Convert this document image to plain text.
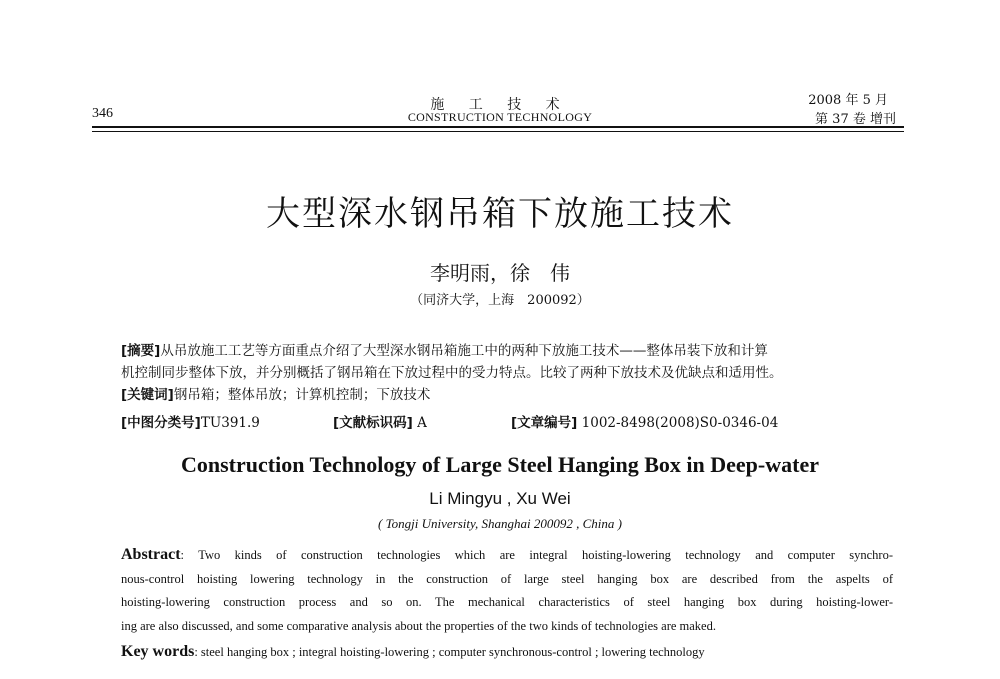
346
施 工 技 术
CONSTRUCTION TECHNOLOGY
2008 年 5 月
第 37 卷 增刊
大型深水钢吊箱下放施工技术
李明雨，徐　伟
（同济大学，上海　200092）
[摘要]从吊放施工工艺等方面重点介绍了大型深水钢吊箱施工中的两种下放施工技术——整体吊装下放和计算
机控制同步整体下放，并分别概括了钢吊箱在下放过程中的受力特点。比较了两种下放技术及优缺点和适用性。
[关键词]钢吊箱；整体吊放；计算机控制；下放技术
[中图分类号]TU391.9	[文献标识码] A	[文章编号] 1002-8498(2008)S0-0346-04
Construction Technology of Large Steel Hanging Box in Deep-water
Li Mingyu , Xu Wei
( Tongji University, Shanghai 200092 , China )
Abstract: Two kinds of construction technologies which are integral hoisting-lowering technology and computer synchro-
nous-control hoisting lowering technology in the construction of large steel hanging box are described from the aspelts of
hoisting-lowering construction process and so on. The mechanical characteristics of steel hanging box during hoisting-lower-
ing are also discussed, and some comparative analysis about the properties of the two kinds of technologies are maked.
Key words: steel hanging box ; integral hoisting-lowering ; computer synchronous-control ; lowering technology
